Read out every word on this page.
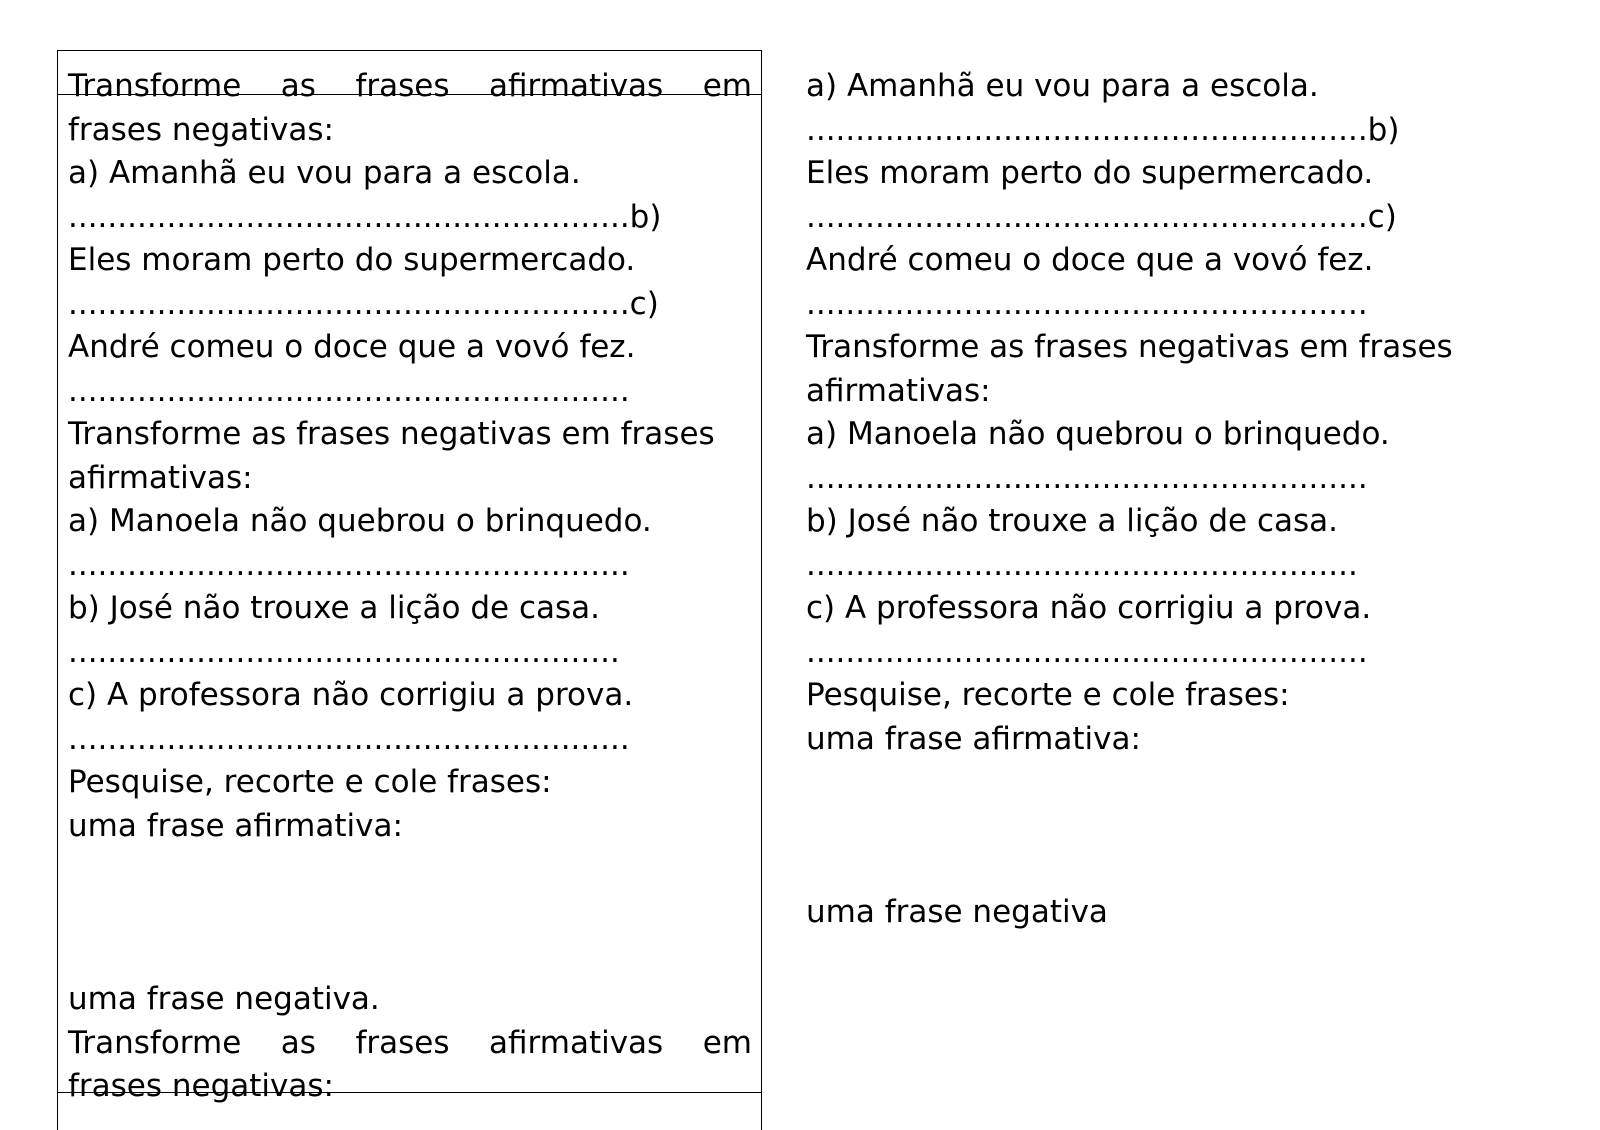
Transforme as frases afirmativas em

frases negativas:

a) Amanhã eu vou para a escola.

.........................................................b)

Eles moram perto do supermercado.

.........................................................c)

André comeu o doce que a vovó fez.

.........................................................

Transforme as frases negativas em frases

afirmativas:

a) Manoela não quebrou o brinquedo.

.........................................................

b) José não trouxe a lição de casa.

........................................................

c) A professora não corrigiu a prova.

.........................................................

Pesquise, recorte e cole frases:

uma frase afirmativa:

uma frase negativa.

Transforme as frases afirmativas em

frases negativas:

a) Amanhã eu vou para a escola.

.........................................................b)

Eles moram perto do supermercado.

.........................................................c)

André comeu o doce que a vovó fez.

.........................................................

Transforme as frases negativas em frases

afirmativas:

a) Manoela não quebrou o brinquedo.

.........................................................

b) José não trouxe a lição de casa.

........................................................

c) A professora não corrigiu a prova.

.........................................................

Pesquise, recorte e cole frases:

uma frase afirmativa:

uma frase negativa
